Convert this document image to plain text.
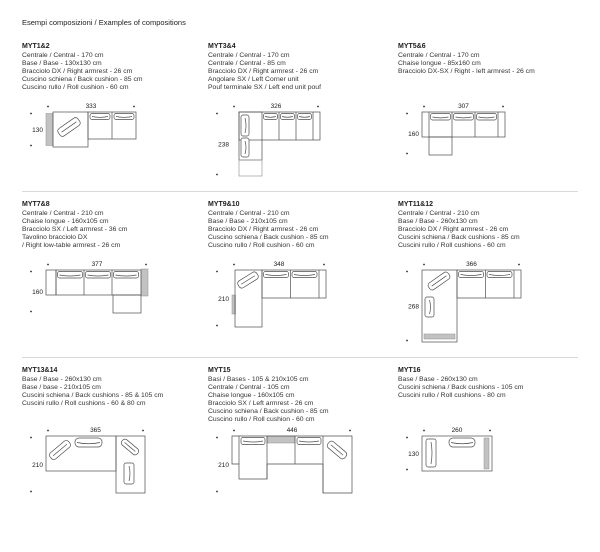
Esempi composizioni / Examples of compositions

MYT1&2
Centrale / Central - 170 cm
Base / Base - 130x130 cm
Bracciolo DX / Right armrest - 26 cm
Cuscino schiena / Back cushion - 85 cm
Cuscino rullo / Roll cushion - 60 cm
333
130
MYT3&4
Centrale / Central - 170 cm
Centrale / Central - 85 cm
Bracciolo DX / Right armrest - 26 cm
Angolare SX / Left Corner unit
Pouf terminale SX / Left end unit pouf
326
238
MYT5&6
Centrale / Central - 170 cm
Chaise longue - 85x160 cm
Bracciolo DX-SX / Right - left armrest - 26 cm
307
160
MYT7&8
Centrale / Central - 210 cm
Chaise longue - 160x105 cm
Bracciolo SX / Left armrest - 36 cm
Tavolino bracciolo DX
/ Right low-table armrest - 26 cm
377
160
MYT9&10
Centrale / Central - 210 cm
Base / Base - 210x105 cm
Bracciolo DX / Right armrest - 26 cm
Cuscino schiena / Back cushion - 85 cm
Cuscino rullo / Roll cushion - 60 cm
348
210
MYT11&12
Centrale / Central - 210 cm
Base / Base - 260x130 cm
Bracciolo DX / Right armrest - 26 cm
Cuscini schiena / Back cushions - 85 cm
Cuscini rullo / Roll cushions - 60 cm
366
268
MYT13&14
Base / Base - 260x130 cm
Base / base - 210x105 cm
Cuscini schiena / Back cushions - 85 & 105 cm
Cuscini rullo / Roll cushions - 60 & 80 cm
365
210
MYT15
Basi / Bases - 105 & 210x105 cm
Centrale / Central - 105 cm
Chaise longue - 160x105 cm
Bracciolo SX / Left armrest - 26 cm
Cuscino schiena / Back cushion - 85 cm
Cuscino rullo / Roll cushion - 60 cm
446
210
MYT16
Base / Base - 260x130 cm
Cuscini schiena / Back cushions - 105 cm
Cuscini rullo / Roll cushions - 80 cm
260
130
